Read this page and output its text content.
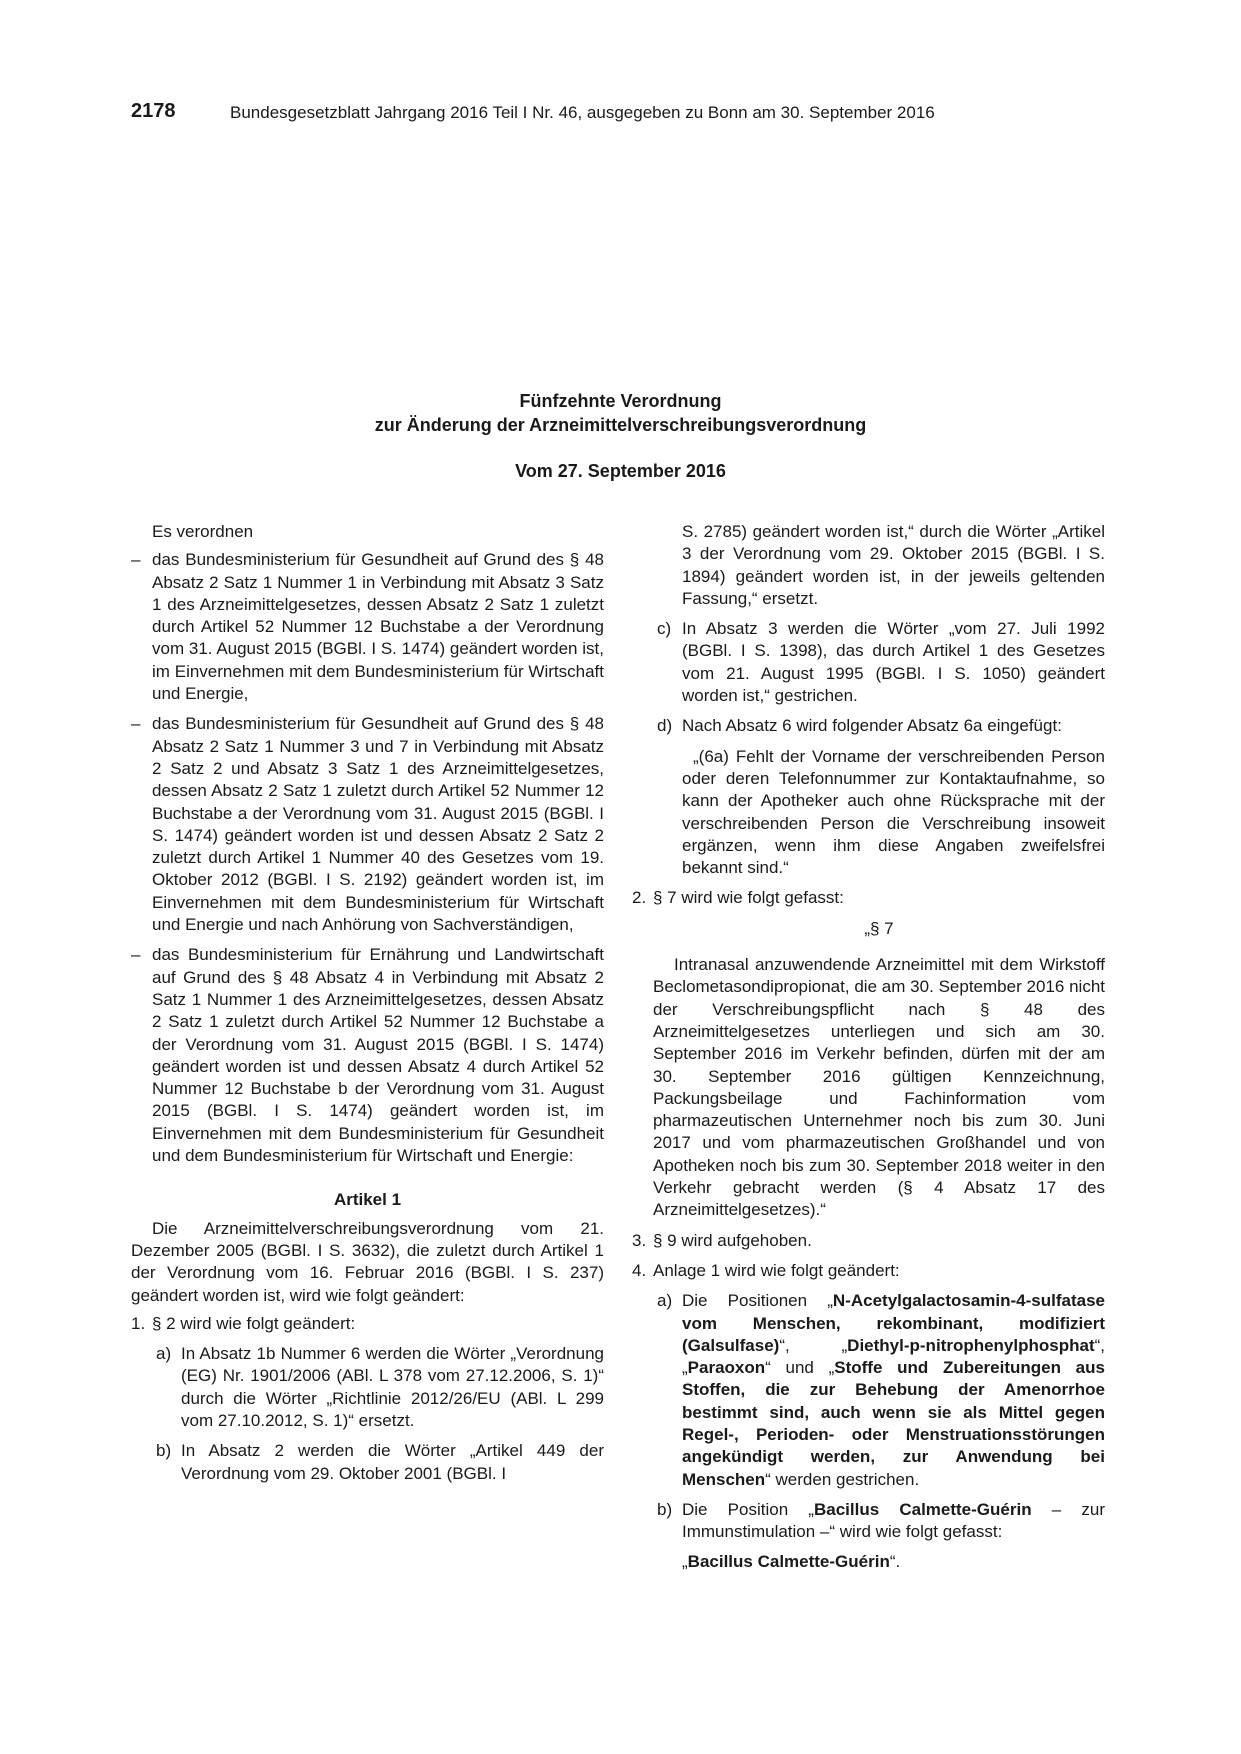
2178	Bundesgesetzblatt Jahrgang 2016 Teil I Nr. 46, ausgegeben zu Bonn am 30. September 2016
Fünfzehnte Verordnung
zur Änderung der Arzneimittelverschreibungsverordnung
Vom 27. September 2016

Es verordnen

– das Bundesministerium für Gesundheit auf Grund des § 48 Absatz 2 Satz 1 Nummer 1 in Verbindung mit Absatz 3 Satz 1 des Arzneimittelgesetzes, dessen Absatz 2 Satz 1 zuletzt durch Artikel 52 Nummer 12 Buchstabe a der Verordnung vom 31. August 2015 (BGBl. I S. 1474) geändert worden ist, im Einvernehmen mit dem Bundesministerium für Wirtschaft und Energie,

– das Bundesministerium für Gesundheit auf Grund des § 48 Absatz 2 Satz 1 Nummer 3 und 7 in Verbindung mit Absatz 2 Satz 2 und Absatz 3 Satz 1 des Arzneimittelgesetzes, dessen Absatz 2 Satz 1 zuletzt durch Artikel 52 Nummer 12 Buchstabe a der Verordnung vom 31. August 2015 (BGBl. I S. 1474) geändert worden ist und dessen Absatz 2 Satz 2 zuletzt durch Artikel 1 Nummer 40 des Gesetzes vom 19. Oktober 2012 (BGBl. I S. 2192) geändert worden ist, im Einvernehmen mit dem Bundesministerium für Wirtschaft und Energie und nach Anhörung von Sachverständigen,

– das Bundesministerium für Ernährung und Landwirtschaft auf Grund des § 48 Absatz 4 in Verbindung mit Absatz 2 Satz 1 Nummer 1 des Arzneimittelgesetzes, dessen Absatz 2 Satz 1 zuletzt durch Artikel 52 Nummer 12 Buchstabe a der Verordnung vom 31. August 2015 (BGBl. I S. 1474) geändert worden ist und dessen Absatz 4 durch Artikel 52 Nummer 12 Buchstabe b der Verordnung vom 31. August 2015 (BGBl. I S. 1474) geändert worden ist, im Einvernehmen mit dem Bundesministerium für Gesundheit und dem Bundesministerium für Wirtschaft und Energie:

Artikel 1

Die Arzneimittelverschreibungsverordnung vom 21. Dezember 2005 (BGBl. I S. 3632), die zuletzt durch Artikel 1 der Verordnung vom 16. Februar 2016 (BGBl. I S. 237) geändert worden ist, wird wie folgt geändert:

1. § 2 wird wie folgt geändert:

a) In Absatz 1b Nummer 6 werden die Wörter „Verordnung (EG) Nr. 1901/2006 (ABl. L 378 vom 27.12.2006, S. 1)“ durch die Wörter „Richtlinie 2012/26/EU (ABl. L 299 vom 27.10.2012, S. 1)“ ersetzt.

b) In Absatz 2 werden die Wörter „Artikel 449 der Verordnung vom 29. Oktober 2001 (BGBl. I

S. 2785) geändert worden ist,“ durch die Wörter „Artikel 3 der Verordnung vom 29. Oktober 2015 (BGBl. I S. 1894) geändert worden ist, in der jeweils geltenden Fassung,“ ersetzt.

c) In Absatz 3 werden die Wörter „vom 27. Juli 1992 (BGBl. I S. 1398), das durch Artikel 1 des Gesetzes vom 21. August 1995 (BGBl. I S. 1050) geändert worden ist,“ gestrichen.

d) Nach Absatz 6 wird folgender Absatz 6a eingefügt:

„(6a) Fehlt der Vorname der verschreibenden Person oder deren Telefonnummer zur Kontaktaufnahme, so kann der Apotheker auch ohne Rücksprache mit der verschreibenden Person die Verschreibung insoweit ergänzen, wenn ihm diese Angaben zweifelsfrei bekannt sind.“

2. § 7 wird wie folgt gefasst:

„§ 7

Intranasal anzuwendende Arzneimittel mit dem Wirkstoff Beclometasondipropionat, die am 30. September 2016 nicht der Verschreibungspflicht nach § 48 des Arzneimittelgesetzes unterliegen und sich am 30. September 2016 im Verkehr befinden, dürfen mit der am 30. September 2016 gültigen Kennzeichnung, Packungsbeilage und Fachinformation vom pharmazeutischen Unternehmer noch bis zum 30. Juni 2017 und vom pharmazeutischen Großhandel und von Apotheken noch bis zum 30. September 2018 weiter in den Verkehr gebracht werden (§ 4 Absatz 17 des Arzneimittelgesetzes).“

3. § 9 wird aufgehoben.

4. Anlage 1 wird wie folgt geändert:

a) Die Positionen „N-Acetylgalactosamin-4-sulfatase vom Menschen, rekombinant, modifiziert (Galsulfase)“, „Diethyl-p-nitrophenylphosphat“, „Paraoxon“ und „Stoffe und Zubereitungen aus Stoffen, die zur Behebung der Amenorrhoe bestimmt sind, auch wenn sie als Mittel gegen Regel-, Perioden- oder Menstruationsstörungen angekündigt werden, zur Anwendung bei Menschen“ werden gestrichen.

b) Die Position „Bacillus Calmette-Guérin – zur Immunstimulation –“ wird wie folgt gefasst:

„Bacillus Calmette-Guérin“.
